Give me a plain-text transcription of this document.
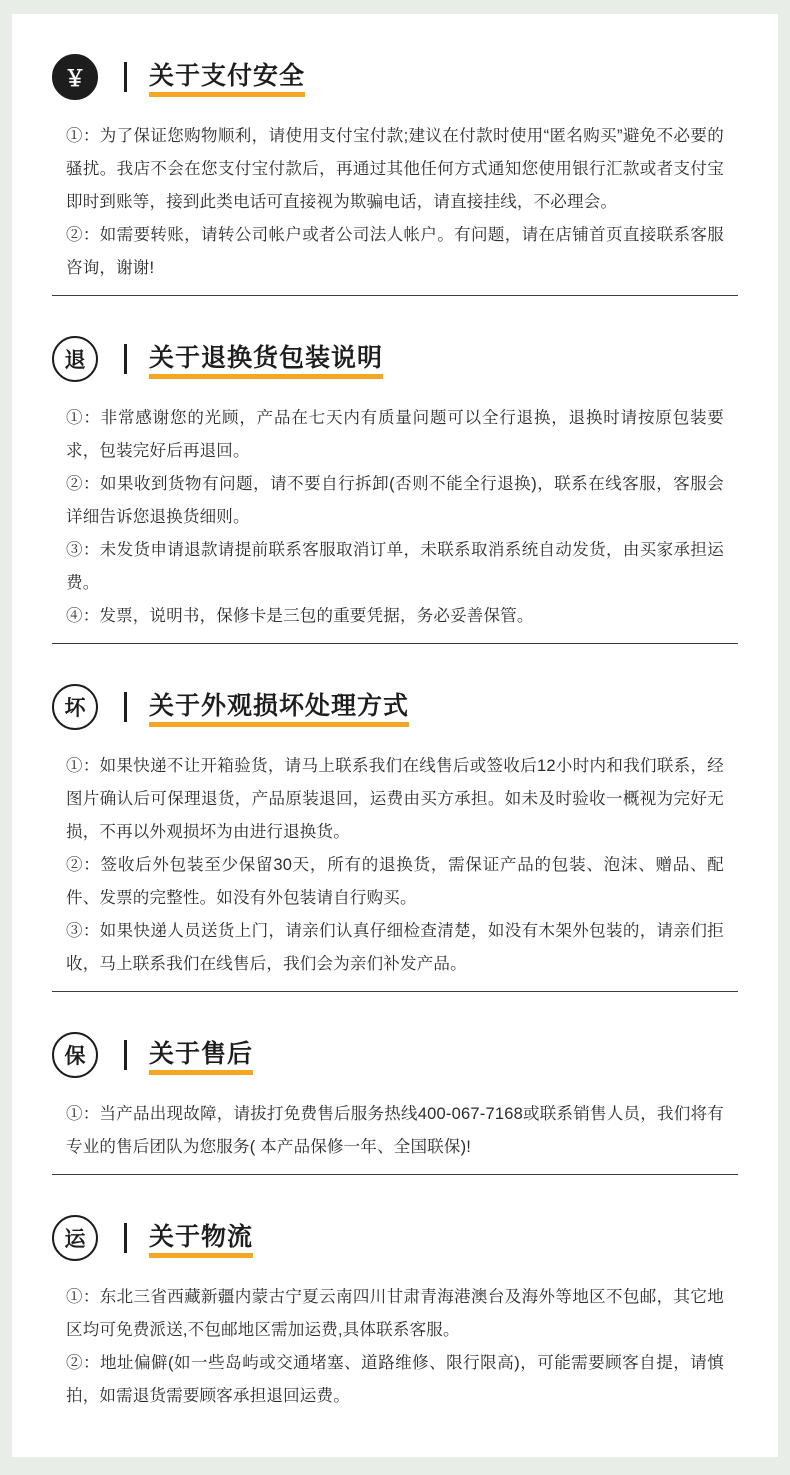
￥	关于支付安全

①：为了保证您购物顺利，请使用支付宝付款;建议在付款时使用“匿名购买”避免不必要的骚扰。我店不会在您支付宝付款后，再通过其他任何方式通知您使用银行汇款或者支付宝即时到账等，接到此类电话可直接视为欺骗电话，请直接挂线，不必理会。

②：如需要转账，请转公司帐户或者公司法人帐户。有问题，请在店铺首页直接联系客服咨询，谢谢!

退	关于退换货包装说明

①：非常感谢您的光顾，产品在七天内有质量问题可以全行退换，退换时请按原包装要求，包装完好后再退回。

②：如果收到货物有问题，请不要自行拆卸(否则不能全行退换)，联系在线客服，客服会详细告诉您退换货细则。

③：未发货申请退款请提前联系客服取消订单，未联系取消系统自动发货，由买家承担运费。

④：发票，说明书，保修卡是三包的重要凭据，务必妥善保管。

坏	关于外观损坏处理方式

①：如果快递不让开箱验货，请马上联系我们在线售后或签收后12小时内和我们联系，经图片确认后可保理退货，产品原装退回，运费由买方承担。如未及时验收一概视为完好无损，不再以外观损坏为由进行退换货。

②：签收后外包装至少保留30天，所有的退换货，需保证产品的包装、泡沫、赠品、配件、发票的完整性。如没有外包装请自行购买。

③：如果快递人员送货上门，请亲们认真仔细检查清楚，如没有木架外包装的，请亲们拒收，马上联系我们在线售后，我们会为亲们补发产品。

保	关于售后

①：当产品出现故障，请拔打免费售后服务热线400-067-7168或联系销售人员，我们将有专业的售后团队为您服务( 本产品保修一年、全国联保)!

运	关于物流

①：东北三省西藏新疆内蒙古宁夏云南四川甘肃青海港澳台及海外等地区不包邮，其它地区均可免费派送,不包邮地区需加运费,具体联系客服。

②：地址偏僻(如一些岛屿或交通堵塞、道路维修、限行限高)，可能需要顾客自提，请慎拍，如需退货需要顾客承担退回运费。
